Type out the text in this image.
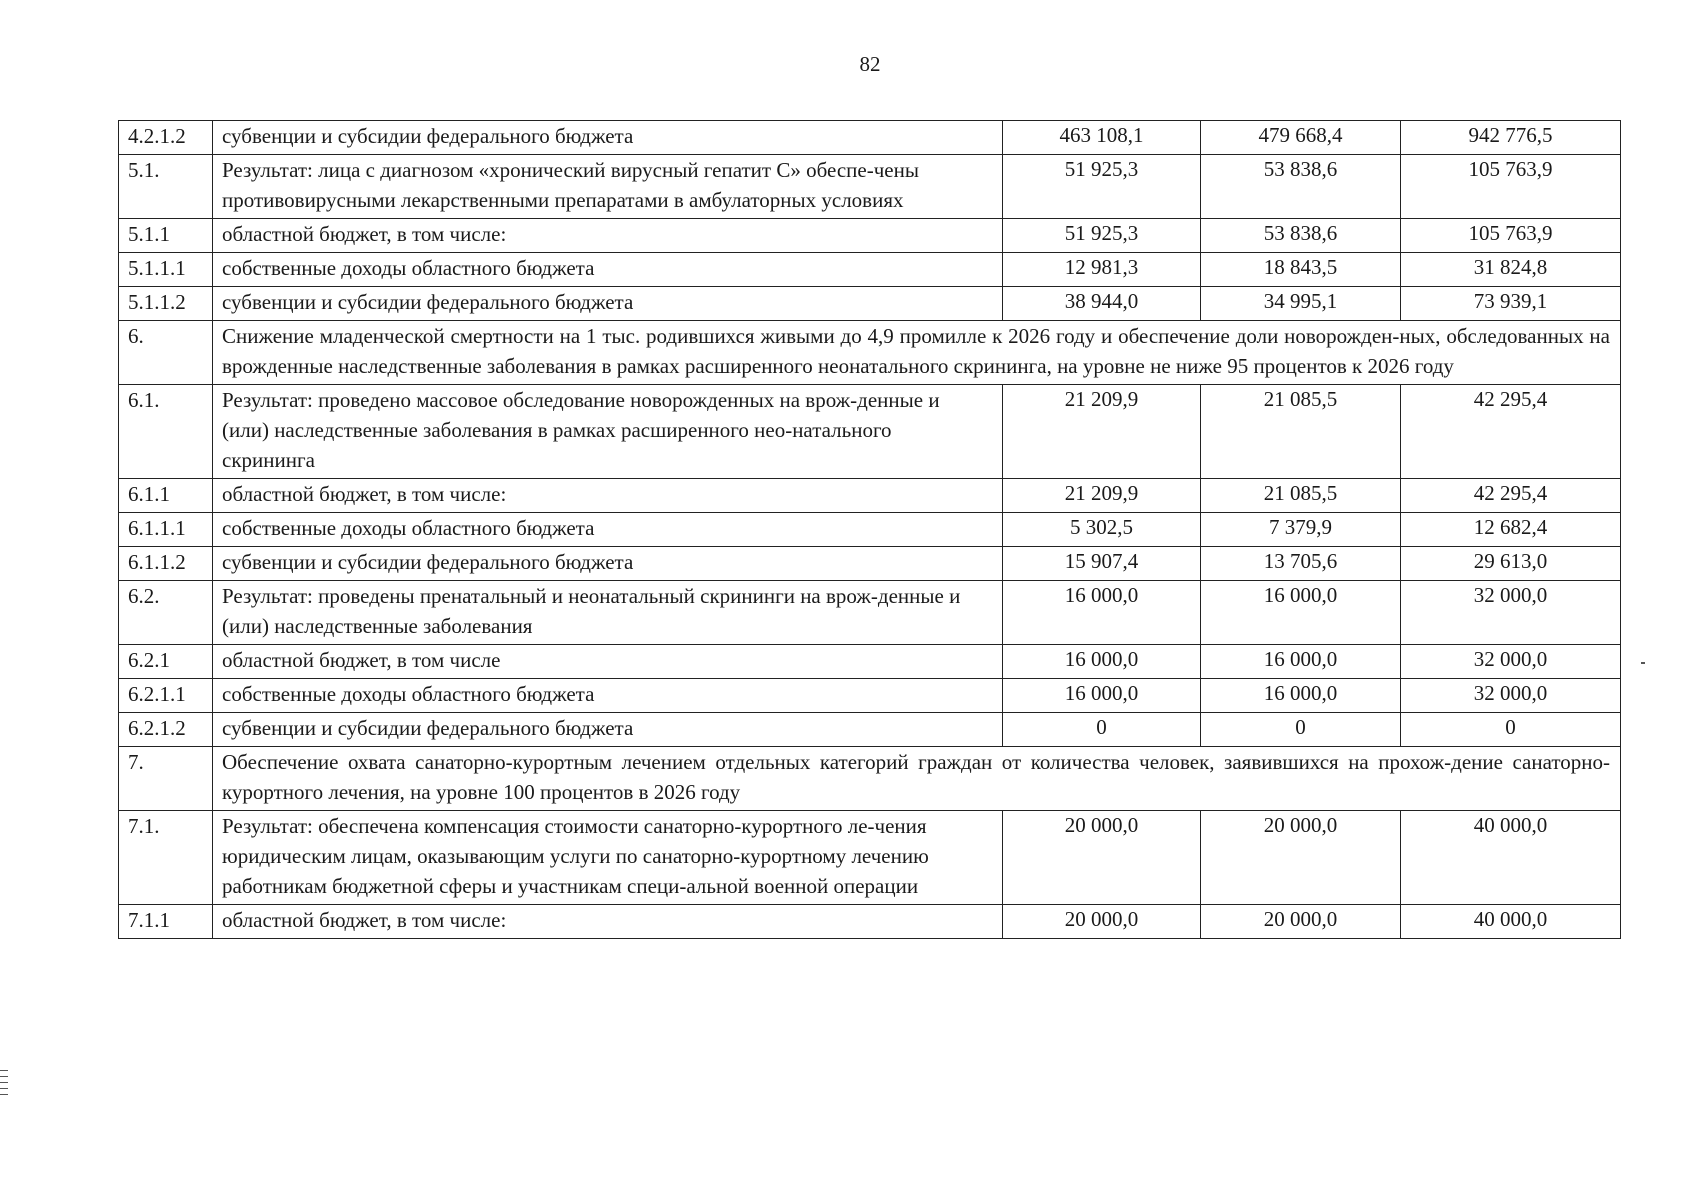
82
4.2.1.2	субвенции и субсидии федерального бюджета	463 108,1	479 668,4	942 776,5
5.1.	Результат: лица с диагнозом «хронический вирусный гепатит С» обеспе-чены противовирусными лекарственными препаратами в амбулаторных условиях	51 925,3	53 838,6	105 763,9
5.1.1	областной бюджет, в том числе:	51 925,3	53 838,6	105 763,9
5.1.1.1	собственные доходы областного бюджета	12 981,3	18 843,5	31 824,8
5.1.1.2	субвенции и субсидии федерального бюджета	38 944,0	34 995,1	73 939,1
6.	Снижение младенческой смертности на 1 тыс. родившихся живыми до 4,9 промилле к 2026 году и обеспечение доли новорожден-ных, обследованных на врожденные наследственные заболевания в рамках расширенного неонатального скрининга, на уровне не ниже 95 процентов к 2026 году			
6.1.	Результат: проведено массовое обследование новорожденных на врож-денные и (или) наследственные заболевания в рамках расширенного нео-натального скрининга	21 209,9	21 085,5	42 295,4
6.1.1	областной бюджет, в том числе:	21 209,9	21 085,5	42 295,4
6.1.1.1	собственные доходы областного бюджета	5 302,5	7 379,9	12 682,4
6.1.1.2	субвенции и субсидии федерального бюджета	15 907,4	13 705,6	29 613,0
6.2.	Результат: проведены пренатальный и неонатальный скрининги на врож-денные и (или) наследственные заболевания	16 000,0	16 000,0	32 000,0
6.2.1	областной бюджет, в том числе	16 000,0	16 000,0	32 000,0
6.2.1.1	собственные доходы областного бюджета	16 000,0	16 000,0	32 000,0
6.2.1.2	субвенции и субсидии федерального бюджета	0	0	0
7.	Обеспечение охвата санаторно-курортным лечением отдельных категорий граждан от количества человек, заявившихся на прохож-дение санаторно-курортного лечения, на уровне 100 процентов в 2026 году			
7.1.	Результат: обеспечена компенсация стоимости санаторно-курортного ле-чения юридическим лицам, оказывающим услуги по санаторно-курортному лечению работникам бюджетной сферы и участникам специ-альной военной операции	20 000,0	20 000,0	40 000,0
7.1.1	областной бюджет, в том числе:	20 000,0	20 000,0	40 000,0
